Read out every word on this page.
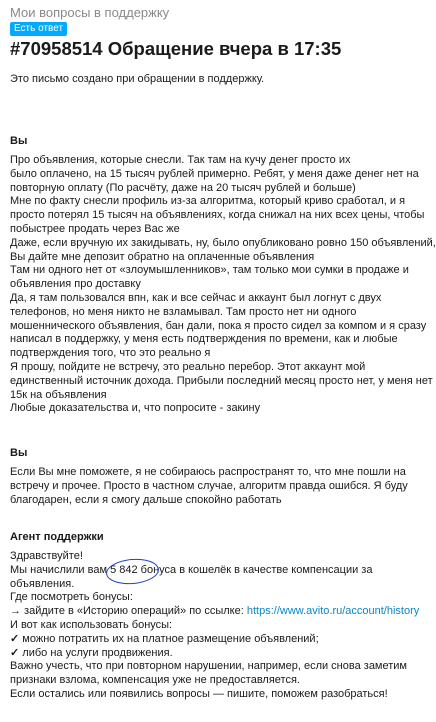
Мои вопросы в поддержку
Есть ответ
#70958514 Обращение вчера в 17:35
Это письмо создано при обращении в поддержку.
Вы
Про объявления, которые снесли. Так там на кучу денег просто их
было оплачено, на 15 тысяч рублей примерно. Ребят, у меня даже денег нет на
повторную оплату (По расчёту, даже на 20 тысяч рублей и больше)
Мне по факту снесли профиль из-за алгоритма, который криво сработал, и я
просто потерял 15 тысяч на объявлениях, когда снижал на них всех цены, чтобы
побыстрее продать через Вас же
Даже, если вручную их закидывать, ну, было опубликовано ровно 150 объявлений,
Вы дайте мне депозит обратно на оплаченные объявления
Там ни одного нет от «злоумышленников», там только мои сумки в продаже и
объявления про доставку
Да, я там пользовался впн, как и все сейчас и аккаунт был логнут с двух
телефонов, но меня никто не взламывал. Там просто нет ни одного
мошеннического объявления, бан дали, пока я просто сидел за компом и я сразу
написал в поддержку, у меня есть подтверждения по времени, как и любые
подтверждения того, что это реально я
Я прошу, пойдите не встречу, это реально перебор. Этот аккаунт мой
единственный источник дохода. Прибыли последний месяц просто нет, у меня нет
15к на объявления
Любые доказательства и, что попросите - закину
Вы
Если Вы мне поможете, я не собираюсь распространят то, что мне пошли на
встречу и прочее. Просто в частном случае, алгоритм правда ошибся. Я буду
благодарен, если я смогу дальше спокойно работать
Агент поддержки
Здравствуйте!
Мы начислили вам 5 842
бонуса в кошелёк в качестве компенсации за
объявления.
Где посмотреть бонусы:
→ зайдите в «Историю операций» по ссылке: https://www.avito.ru/account/history
И вот как использовать бонусы:
✓ можно потратить их на платное размещение объявлений;
✓ либо на услуги продвижения.
Важно учесть, что при повторном нарушении, например, если снова заметим
признаки взлома, компенсация уже не предоставляется.
Если остались или появились вопросы — пишите, поможем разобраться!
